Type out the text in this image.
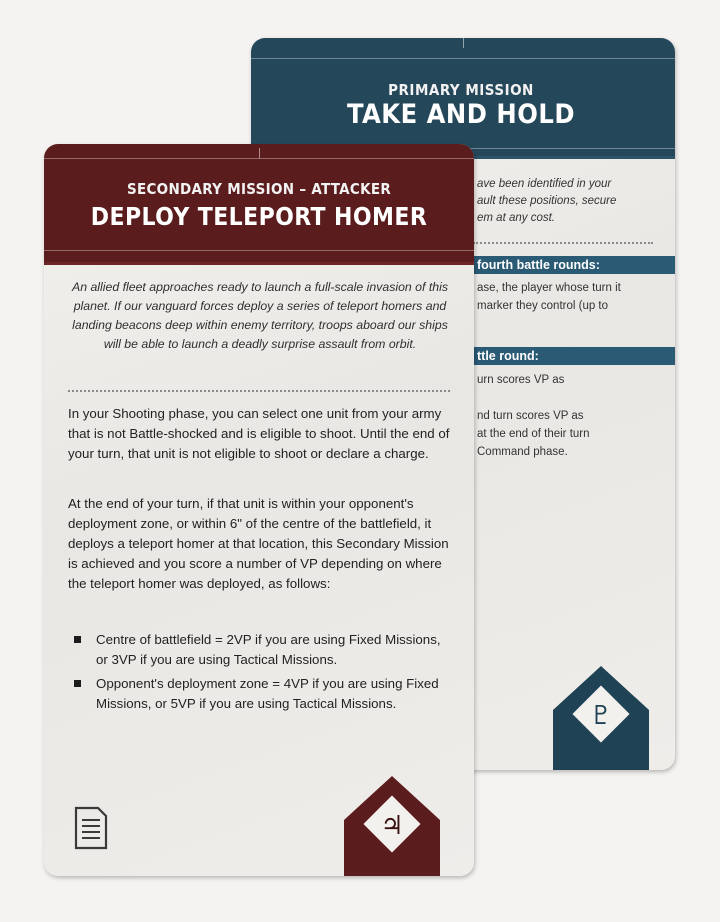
PRIMARY MISSION
TAKE AND HOLD
ave been identified in your
ault these positions, secure
em at any cost.
fourth battle rounds:
ase, the player whose turn it
marker they control (up to
ttle round:
urn scores VP as
nd turn scores VP as
at the end of their turn
Command phase.
♇
SECONDARY MISSION – ATTACKER
DEPLOY TELEPORT HOMER
An allied fleet approaches ready to launch a full-scale invasion of this planet. If our vanguard forces deploy a series of teleport homers and landing beacons deep within enemy territory, troops aboard our ships will be able to launch a deadly surprise assault from orbit.
In your Shooting phase, you can select one unit from your army that is not Battle-shocked and is eligible to shoot. Until the end of your turn, that unit is not eligible to shoot or declare a charge.
At the end of your turn, if that unit is within your opponent's deployment zone, or within 6" of the centre of the battlefield, it deploys a teleport homer at that location, this Secondary Mission is achieved and you score a number of VP depending on where the teleport homer was deployed, as follows:
Centre of battlefield = 2VP if you are using Fixed Missions, or 3VP if you are using Tactical Missions.
Opponent's deployment zone = 4VP if you are using Fixed Missions, or 5VP if you are using Tactical Missions.
♃
